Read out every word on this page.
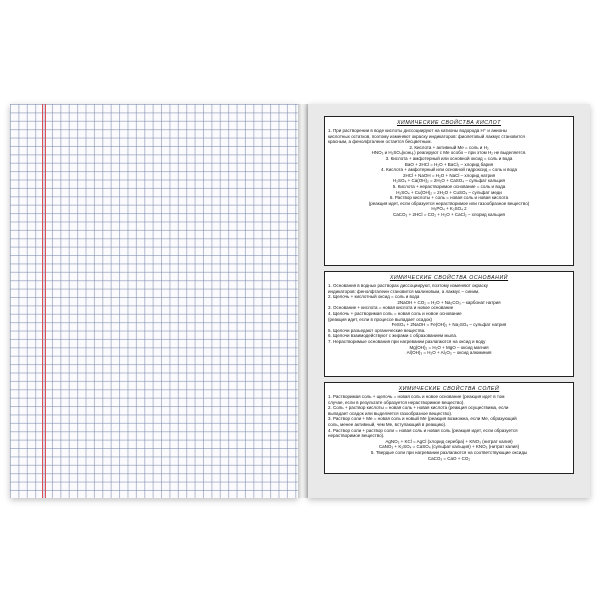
ХИМИЧЕСКИЕ СВОЙСТВА КИСЛОТ
1. При растворении в воде кислоты диссоциируют на катионы водорода H⁺ и анионы
кислотных остатков, поэтому изменяют окраску индикаторов: фиолетовый лакмус становится
красным, а фенолфталеин остается бесцветным.
2. Кислота + активный Me = соль и H₂
HNO₃ и H₂SO₄(конц.) реагируют с Me особо – при этом H₂ не выделяется.
3. Кислота + амфотерный или основной оксид = соль и вода
BaO + 2HCl = H₂O + BaCl₂ – хлорид бария
4. Кислота + амфотерный или основной гидроксид = соль и вода
2HCl + NaOH = H₂O + NaCl – хлорид натрия
H₂SO₄ + Ca(OH)₂ = 2H₂O + CaSO₄ – сульфат кальция
5. Кислота + нерастворимое основание = соль и вода
H₂SO₄ + Cu(OH)₂ = 2H₂O + CuSO₄ – сульфат меди
6. Раствор кислоты + соль = новая соль и новая кислота
(реакция идет, если образуется нерастворимое или газообразное вещество)
H₃PO₄ + K₂SO₄ ≠
CaCO₃ + 2HCl = CO₂ + H₂O + CaCl₂ – хлорид кальция
ХИМИЧЕСКИЕ СВОЙСТВА ОСНОВАНИЙ
1. Основания в водных растворах диссоциируют, поэтому изменяют окраску
индикаторов: фенолфталеин становится малиновым, а лакмус – синим.
2. Щелочь + кислотный оксид = соль и вода
2NaOH + CO₂ = H₂O + Na₂CO₃ – карбонат натрия
3. Основание + кислота = новая кислота и новое основание
4. Щелочь + растворимая соль = новая соль и новое основание
(реакция идет, если в процессе выпадает осадок)
FeSO₄ + 2NaOH = Fe(OH)₂ + Na₂SO₄ – сульфат натрия
5. Щелочи разъедают органические вещества.
6. Щелочи взаимодействуют с жирами с образованием мыла.
7. Нерастворимые основания при нагревании разлагаются на оксид и воду
Mg(OH)₂ = H₂O + MgO – оксид магния
Al(OH)₃ = H₂O + Al₂O₃ – оксид алюминия
ХИМИЧЕСКИЕ СВОЙСТВА СОЛЕЙ
1. Растворимая соль + щелочь = новая соль и новое основание (реакция идет в том
случае, если в результате образуется нерастворимое вещество).
2. Соль + раствор кислоты = новая соль + новая кислота (реакция осуществима, если
выпадает осадок или выделяется газообразное вещество).
3. Раствор соли + Me = новая соль и новый Me (реакция возможна, если Me, образующий
соль, менее активный, чем Me, вступающий в реакцию).
4. Раствор соли + раствор соли = новая соль и новая соль (реакция идет, если образуется
нерастворимое вещество).
AgNO₃ + KCl = AgCl (хлорид серебра) + KNO₃ (нитрат калия)
CaNO₃ + K₂SO₄ = CaSO₄ (сульфат кальция) + KNO₃ (нитрат калия)
5. Твердые соли при нагревании разлагаются на соответствующие оксиды
CaCO₃ = CaO + CO₂
